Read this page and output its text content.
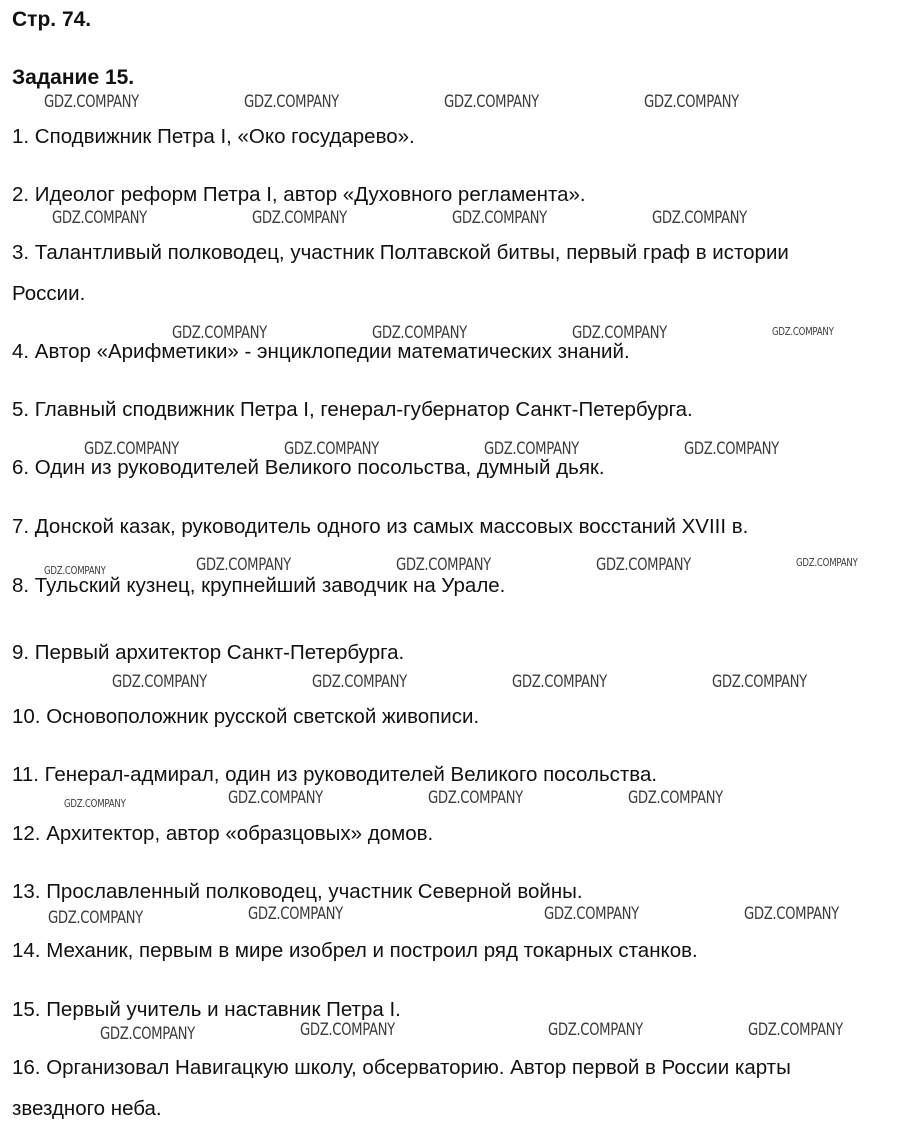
Стр. 74.
Задание 15.
GDZ.COMPANY	GDZ.COMPANY	GDZ.COMPANY	GDZ.COMPANY
1. Сподвижник Петра I, «Око государево».
2. Идеолог реформ Петра I, автор «Духовного регламента».
GDZ.COMPANY	GDZ.COMPANY	GDZ.COMPANY	GDZ.COMPANY
3. Талантливый полководец, участник Полтавской битвы, первый граф в истории
России.
GDZ.COMPANY	GDZ.COMPANY	GDZ.COMPANY	GDZ.COMPANY
4. Автор «Арифметики» - энциклопедии математических знаний.
5. Главный сподвижник Петра I, генерал-губернатор Санкт-Петербурга.
GDZ.COMPANY	GDZ.COMPANY	GDZ.COMPANY	GDZ.COMPANY
6. Один из руководителей Великого посольства, думный дьяк.
7. Донской казак, руководитель одного из самых массовых восстаний XVIII в.
GDZ.COMPANY	GDZ.COMPANY	GDZ.COMPANY	GDZ.COMPANY	GDZ.COMPANY
8. Тульский кузнец, крупнейший заводчик на Урале.
9. Первый архитектор Санкт-Петербурга.
GDZ.COMPANY	GDZ.COMPANY	GDZ.COMPANY	GDZ.COMPANY
10. Основоположник русской светской живописи.
11. Генерал-адмирал, один из руководителей Великого посольства.
GDZ.COMPANY	GDZ.COMPANY	GDZ.COMPANY	GDZ.COMPANY
12. Архитектор, автор «образцовых» домов.
13. Прославленный полководец, участник Северной войны.
GDZ.COMPANY	GDZ.COMPANY	GDZ.COMPANY	GDZ.COMPANY
14. Механик, первым в мире изобрел и построил ряд токарных станков.
15. Первый учитель и наставник Петра I.
GDZ.COMPANY	GDZ.COMPANY	GDZ.COMPANY	GDZ.COMPANY
16. Организовал Навигацкую школу, обсерваторию. Автор первой в России карты
звездного неба.
